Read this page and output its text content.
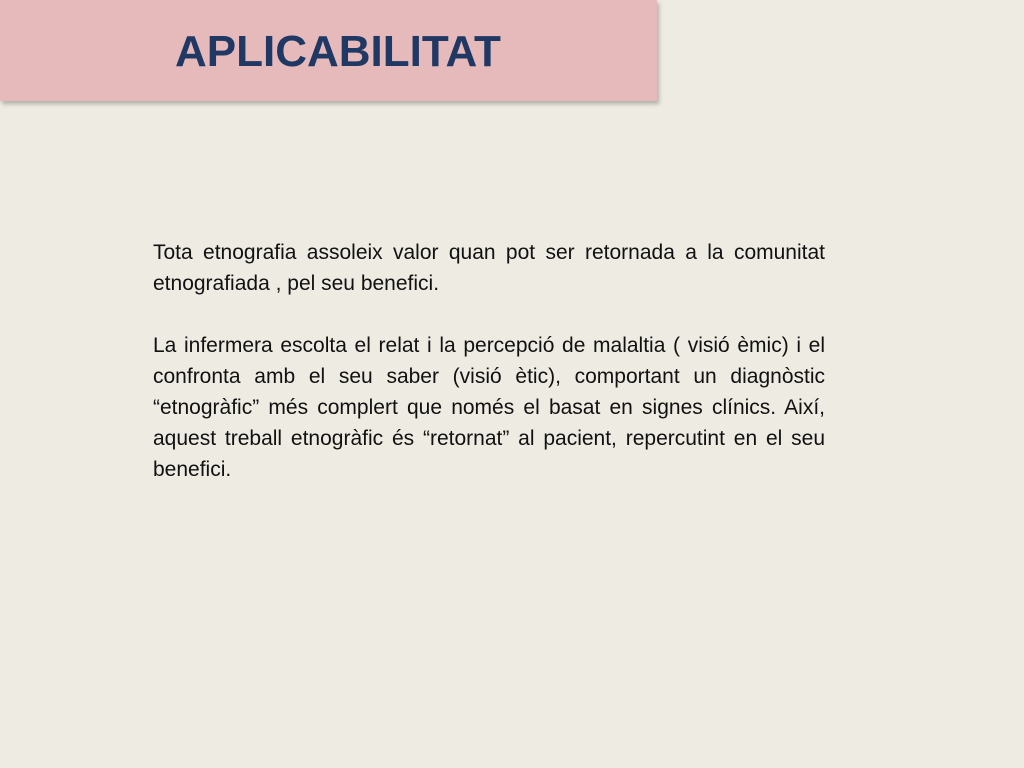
APLICABILITAT

Tota etnografia assoleix valor quan pot ser retornada a la comunitat etnografiada , pel seu benefici.

La infermera escolta el relat i la percepció de malaltia ( visió èmic) i el confronta amb el seu saber (visió ètic), comportant un diagnòstic “etnogràfic” més complert que només el basat en signes clínics. Així, aquest treball etnogràfic és “retornat” al pacient, repercutint en el seu benefici.
